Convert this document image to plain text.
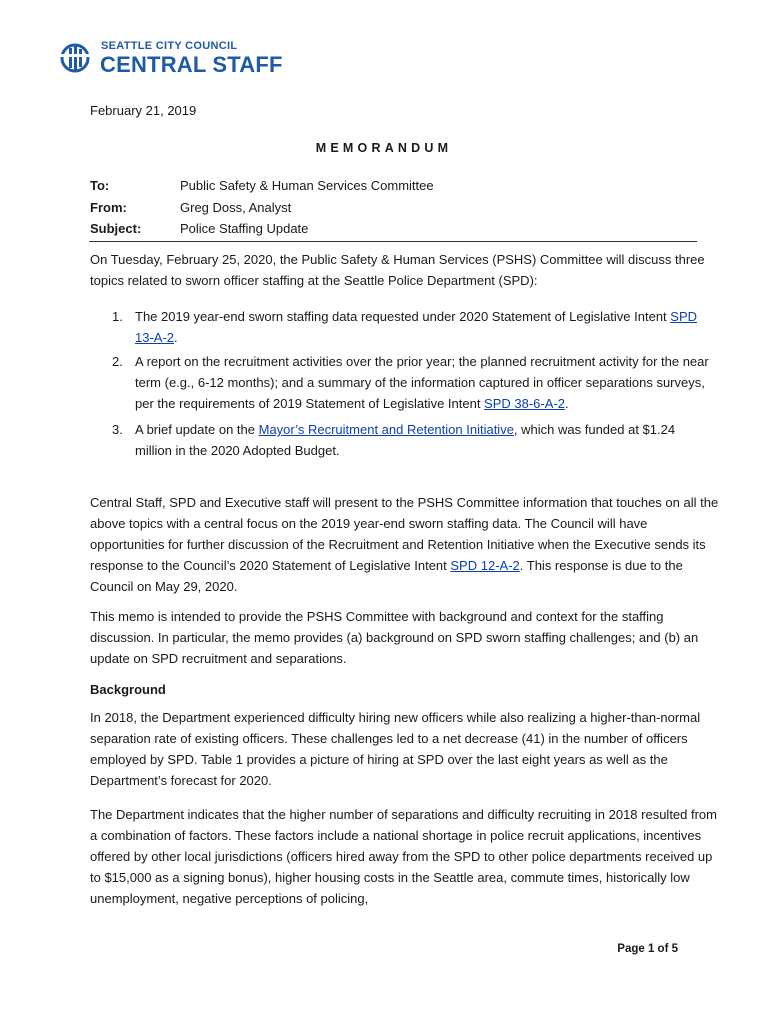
SEATTLE CITY COUNCIL
CENTRAL STAFF
February 21, 2019
MEMORANDUM
To:	Public Safety & Human Services Committee
From:	Greg Doss, Analyst
Subject:	Police Staffing Update

On Tuesday, February 25, 2020, the Public Safety & Human Services (PSHS) Committee will discuss three topics related to sworn officer staffing at the Seattle Police Department (SPD):

1. The 2019 year-end sworn staffing data requested under 2020 Statement of Legislative Intent SPD 13-A-2.
2. A report on the recruitment activities over the prior year; the planned recruitment activity for the near term (e.g., 6-12 months); and a summary of the information captured in officer separations surveys, per the requirements of 2019 Statement of Legislative Intent SPD 38-6-A-2.
3. A brief update on the Mayor’s Recruitment and Retention Initiative, which was funded at $1.24 million in the 2020 Adopted Budget.

Central Staff, SPD and Executive staff will present to the PSHS Committee information that touches on all the above topics with a central focus on the 2019 year-end sworn staffing data. The Council will have opportunities for further discussion of the Recruitment and Retention Initiative when the Executive sends its response to the Council’s 2020 Statement of Legislative Intent SPD 12-A-2. This response is due to the Council on May 29, 2020.

This memo is intended to provide the PSHS Committee with background and context for the staffing discussion. In particular, the memo provides (a) background on SPD sworn staffing challenges; and (b) an update on SPD recruitment and separations.

Background

In 2018, the Department experienced difficulty hiring new officers while also realizing a higher-than-normal separation rate of existing officers. These challenges led to a net decrease (41) in the number of officers employed by SPD. Table 1 provides a picture of hiring at SPD over the last eight years as well as the Department’s forecast for 2020.

The Department indicates that the higher number of separations and difficulty recruiting in 2018 resulted from a combination of factors. These factors include a national shortage in police recruit applications, incentives offered by other local jurisdictions (officers hired away from the SPD to other police departments received up to $15,000 as a signing bonus), higher housing costs in the Seattle area, commute times, historically low unemployment, negative perceptions of policing,

Page 1 of 5
